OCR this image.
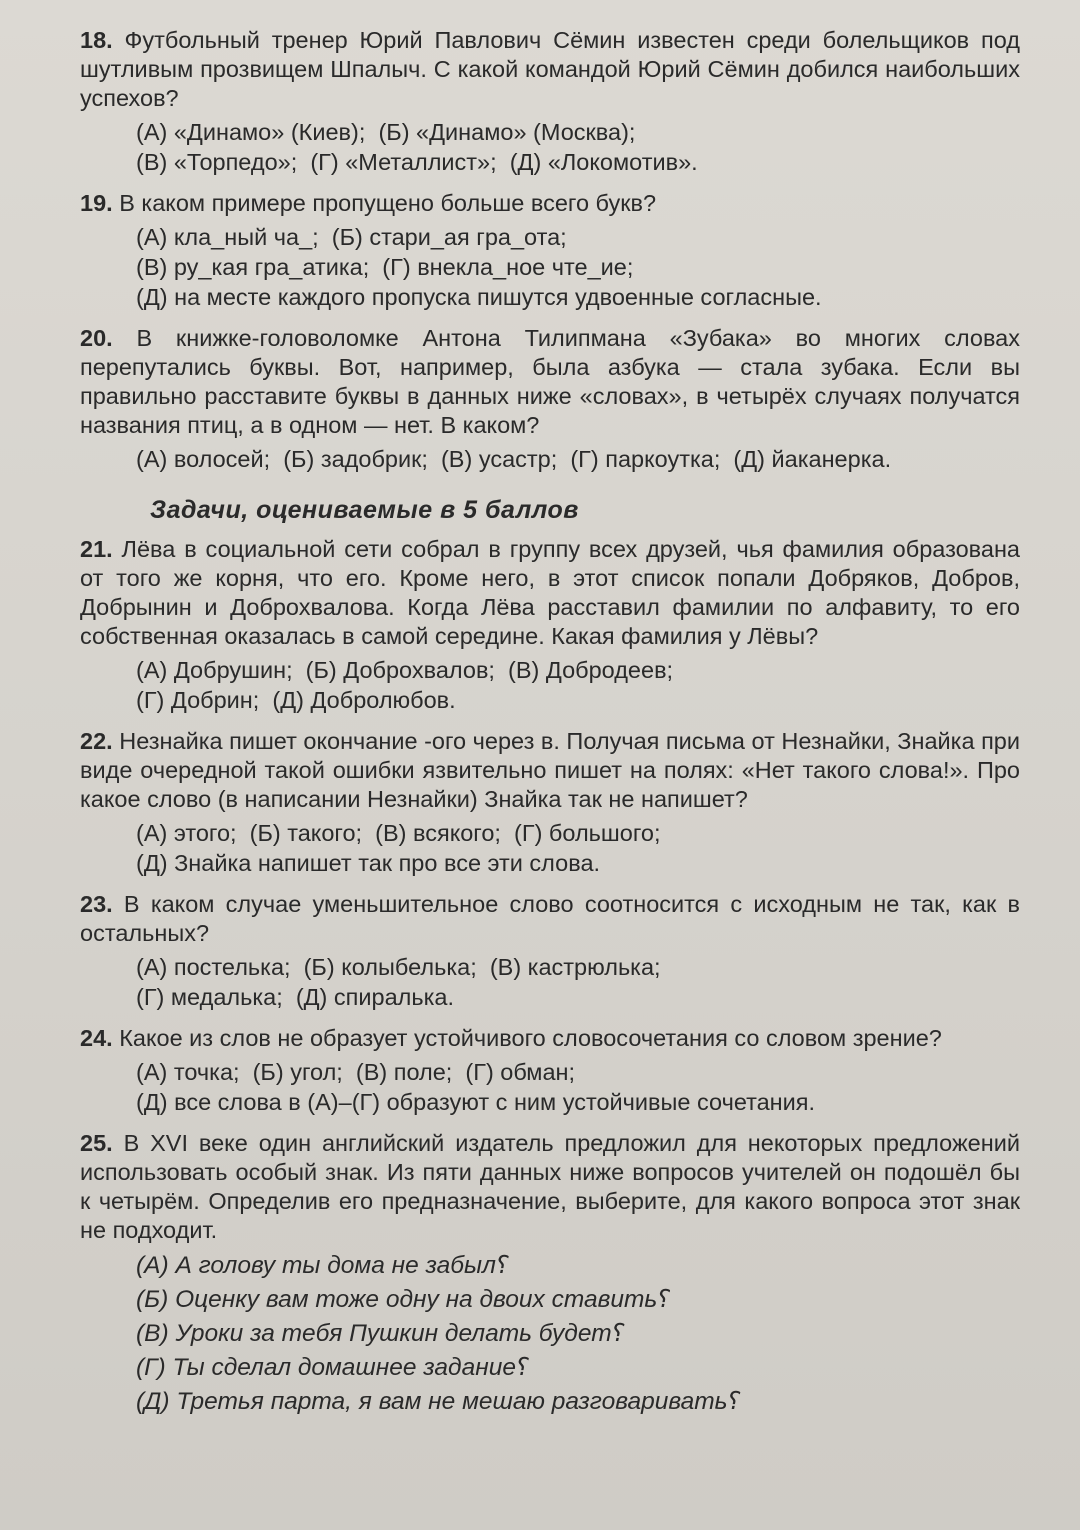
18. Футбольный тренер Юрий Павлович Сёмин известен среди болельщиков под шутливым прозвищем Шпалыч. С какой командой Юрий Сёмин добился наибольших успехов?

(А) «Динамо» (Киев); (Б) «Динамо» (Москва);

(В) «Торпедо»; (Г) «Металлист»; (Д) «Локомотив».

19. В каком примере пропущено больше всего букв?

(А) кла_ный ча_; (Б) стари_ая гра_ота;

(В) ру_кая гра_атика; (Г) внекла_ное чте_ие;

(Д) на месте каждого пропуска пишутся удвоенные согласные.

20. В книжке-головоломке Антона Тилипмана «Зубака» во многих словах перепутались буквы. Вот, например, была азбука — стала зубака. Если вы правильно расставите буквы в данных ниже «словах», в четырёх случаях получатся названия птиц, а в одном — нет. В каком?

(А) волосей; (Б) задобрик; (В) усастр; (Г) паркоутка; (Д) йаканерка.

Задачи, оцениваемые в 5 баллов

21. Лёва в социальной сети собрал в группу всех друзей, чья фамилия образована от того же корня, что его. Кроме него, в этот список попали Добряков, Добров, Добрынин и Доброхвалова. Когда Лёва расставил фамилии по алфавиту, то его собственная оказалась в самой середине. Какая фамилия у Лёвы?

(А) Добрушин; (Б) Доброхвалов; (В) Добродеев;

(Г) Добрин; (Д) Добролюбов.

22. Незнайка пишет окончание -ого через в. Получая письма от Незнайки, Знайка при виде очередной такой ошибки язвительно пишет на полях: «Нет такого слова!». Про какое слово (в написании Незнайки) Знайка так не напишет?

(А) этого; (Б) такого; (В) всякого; (Г) большого;

(Д) Знайка напишет так про все эти слова.

23. В каком случае уменьшительное слово соотносится с исходным не так, как в остальных?

(А) постелька; (Б) колыбелька; (В) кастрюлька;

(Г) медалька; (Д) спиралька.

24. Какое из слов не образует устойчивого словосочетания со словом зрение?

(А) точка; (Б) угол; (В) поле; (Г) обман;

(Д) все слова в (А)–(Г) образуют с ним устойчивые сочетания.

25. В XVI веке один английский издатель предложил для некоторых предложений использовать особый знак. Из пяти данных ниже вопросов учителей он подошёл бы к четырём. Определив его предназначение, выберите, для какого вопроса этот знак не подходит.

(А) А голову ты дома не забыл⸮

(Б) Оценку вам тоже одну на двоих ставить⸮

(В) Уроки за тебя Пушкин делать будет⸮

(Г) Ты сделал домашнее задание⸮

(Д) Третья парта, я вам не мешаю разговаривать⸮
